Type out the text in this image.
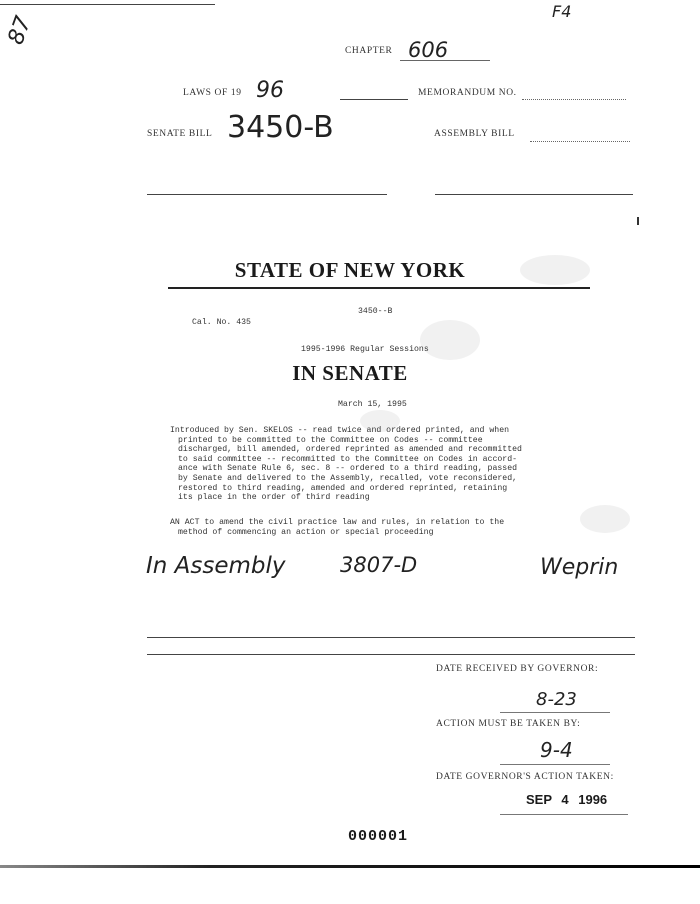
87
F4
CHAPTER 606
LAWS OF 19 96	MEMORANDUM NO.
SENATE BILL 3450-B	ASSEMBLY BILL
STATE OF NEW YORK
3450--B
Cal. No. 435
1995-1996 Regular Sessions
IN SENATE
March 15, 1995
Introduced by Sen. SKELOS -- read twice and ordered printed, and when
printed to be committed to the Committee on Codes -- committee
discharged, bill amended, ordered reprinted as amended and recommitted
to said committee -- recommitted to the Committee on Codes in accord-
ance with Senate Rule 6, sec. 8 -- ordered to a third reading, passed
by Senate and delivered to the Assembly, recalled, vote reconsidered,
restored to third reading, amended and ordered reprinted, retaining
its place in the order of third reading
AN ACT to amend the civil practice law and rules, in relation to the
method of commencing an action or special proceeding
In Assembly	3807-D	Weprin
DATE RECEIVED BY GOVERNOR:
8-23
ACTION MUST BE TAKEN BY:
9-4
DATE GOVERNOR'S ACTION TAKEN:
SEP 4 1996
000001
